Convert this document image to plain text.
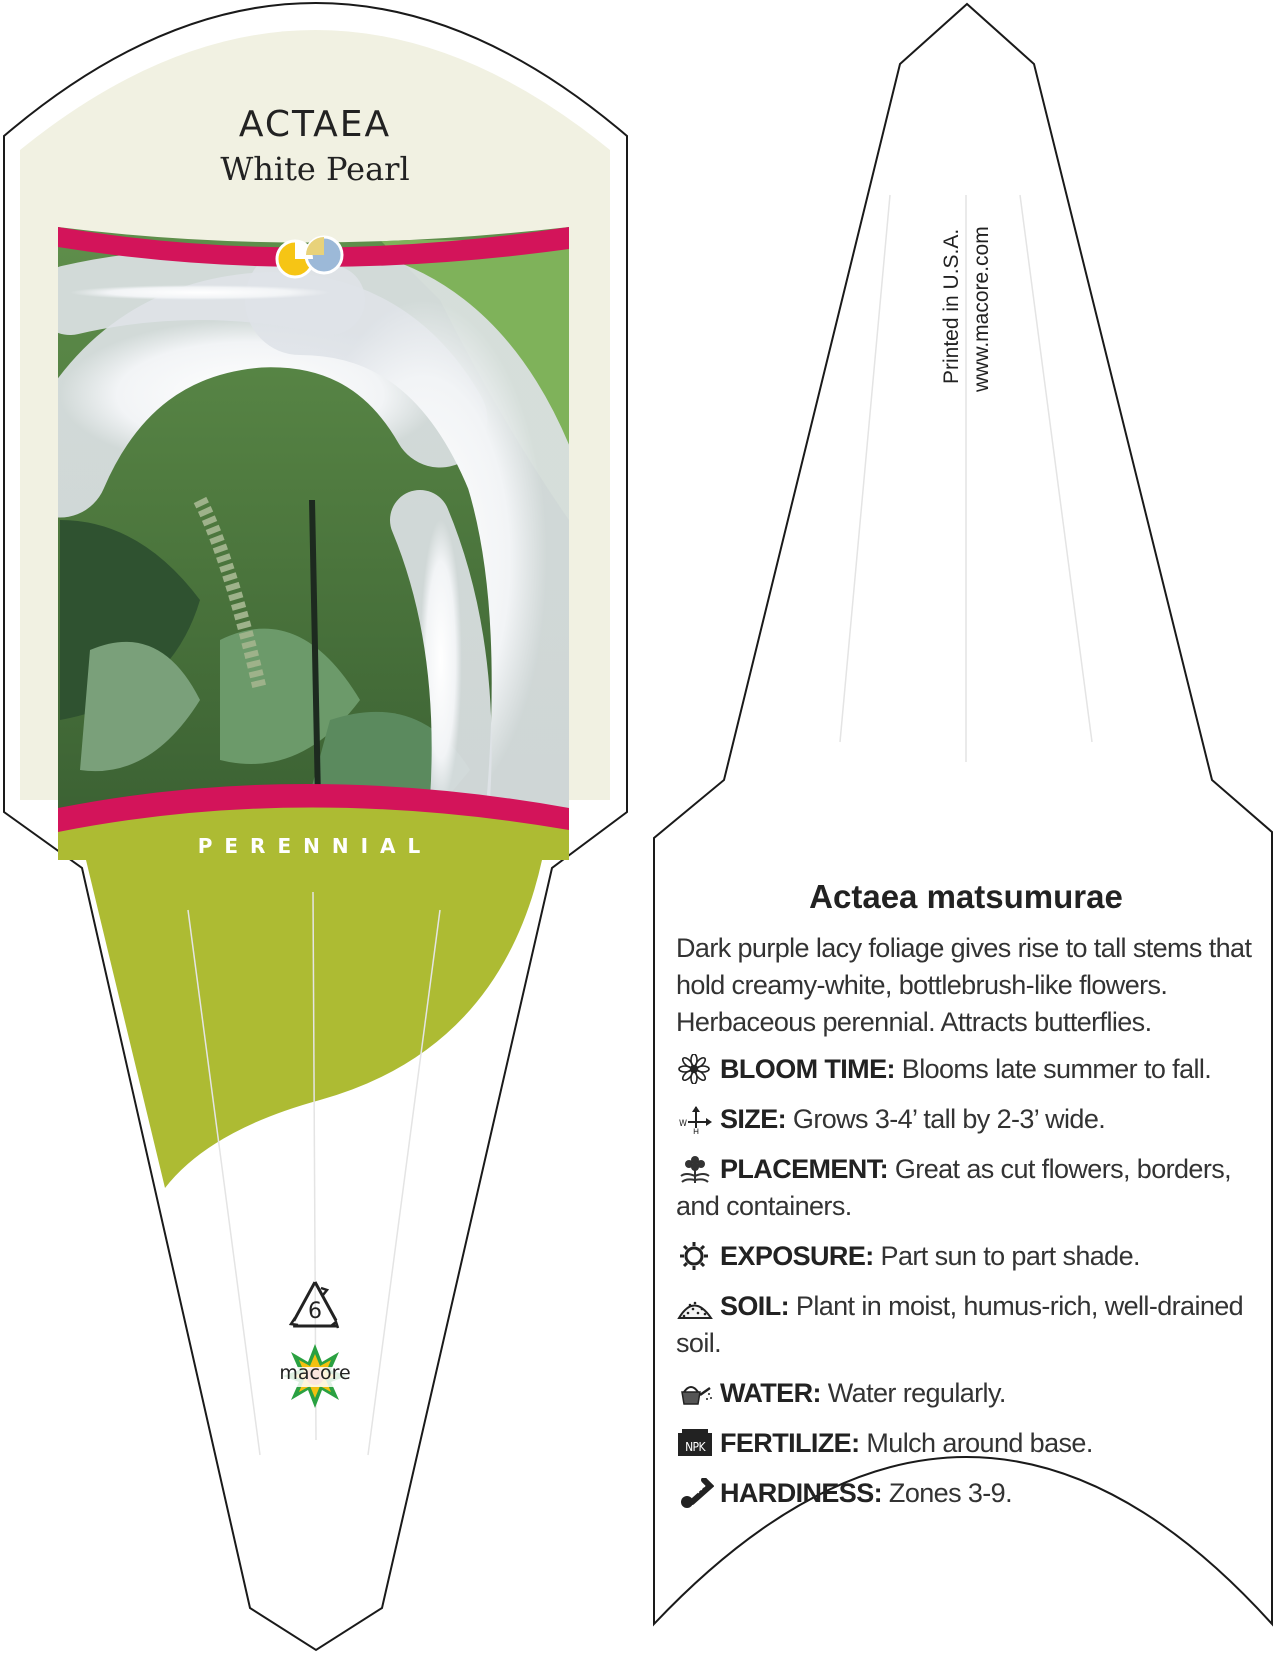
ACTAEA
White Pearl
PERENNIAL
6
macore
Printed in U.S.A. www.macore.com
Actaea matsumurae
Dark purple lacy foliage gives rise to tall stems that hold creamy-white, bottlebrush-like flowers. Herbaceous perennial. Attracts butterflies.
BLOOM TIME: Blooms late summer to fall.
W
H SIZE: Grows 3-4’ tall by 2-3’ wide.
PLACEMENT: Great as cut flowers, borders, and containers.
EXPOSURE: Part sun to part shade.
SOIL: Plant in moist, humus-rich, well-drained soil.
WATER: Water regularly.
NPK FERTILIZE: Mulch around base.
HARDINESS: Zones 3-9.
